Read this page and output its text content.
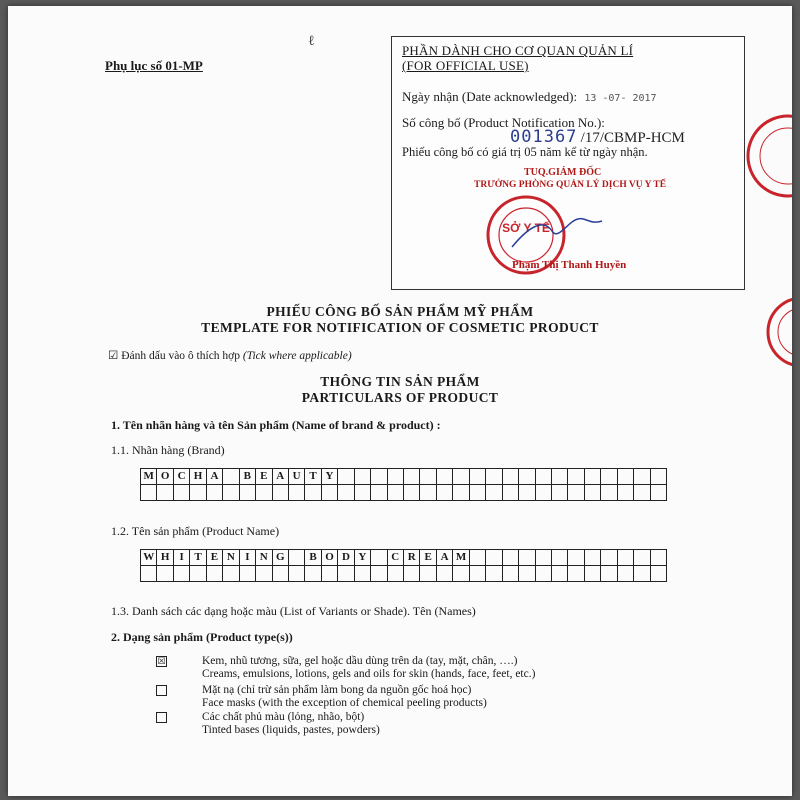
ℓ
Phụ lục số 01-MP
PHẦN DÀNH CHO CƠ QUAN QUẢN LÍ
(FOR OFFICIAL USE)
Ngày nhận (Date acknowledged): 13 -07- 2017
Số công bố (Product Notification No.):
001367 /17/CBMP-HCM
Phiếu công bố có giá trị 05 năm kể từ ngày nhận.
SỞ Y TẾ
TUQ.GIÁM ĐỐC
TRƯỞNG PHÒNG QUẢN LÝ DỊCH VỤ Y TẾ
Phạm Thị Thanh Huyền
PHIẾU CÔNG BỐ SẢN PHẨM MỸ PHẨM
TEMPLATE FOR NOTIFICATION OF COSMETIC PRODUCT
☑ Đánh dấu vào ô thích hợp (Tick where applicable)
THÔNG TIN SẢN PHẨM
PARTICULARS OF PRODUCT
1. Tên nhãn hàng và tên Sản phẩm (Name of brand & product) :
1.1. Nhãn hàng (Brand)
M O C H A	B E A U T Y
1.2. Tên sản phẩm (Product Name)
W H I T E N I N G	B O D Y	C R E A M
1.3. Danh sách các dạng hoặc màu (List of Variants or Shade). Tên (Names)
2. Dạng sản phẩm (Product type(s))
☒	Kem, nhũ tương, sữa, gel hoặc dầu dùng trên da (tay, mặt, chân, ….)
Creams, emulsions, lotions, gels and oils for skin (hands, face, feet, etc.)
Mặt nạ (chỉ trừ sản phẩm làm bong da nguồn gốc hoá học)
Face masks (with the exception of chemical peeling products)
Các chất phủ màu (lỏng, nhão, bột)
Tinted bases (liquids, pastes, powders)
